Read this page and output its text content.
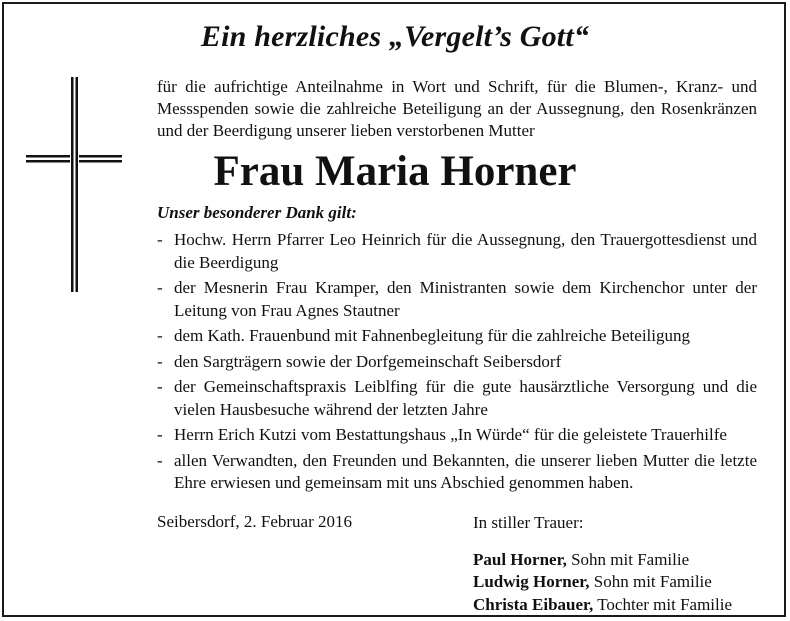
Ein herzliches „Vergelt’s Gott“
für die aufrichtige Anteilnahme in Wort und Schrift, für die Blumen-, Kranz- und Messspenden sowie die zahlreiche Beteiligung an der Aussegnung, den Rosenkränzen und der Beerdigung unserer lieben verstorbenen Mutter
Frau Maria Horner
Unser besonderer Dank gilt:
- Hochw. Herrn Pfarrer Leo Heinrich für die Aussegnung, den Trauergottesdienst und die Beerdigung
- der Mesnerin Frau Kramper, den Ministranten sowie dem Kirchenchor unter der Leitung von Frau Agnes Stautner
- dem Kath. Frauenbund mit Fahnenbegleitung für die zahlreiche Beteiligung
- den Sargträgern sowie der Dorfgemeinschaft Seibersdorf
- der Gemeinschaftspraxis Leiblfing für die gute hausärztliche Versorgung und die vielen Hausbesuche während der letzten Jahre
- Herrn Erich Kutzi vom Bestattungshaus „In Würde“ für die geleistete Trauerhilfe
- allen Verwandten, den Freunden und Bekannten, die unserer lieben Mutter die letzte Ehre erwiesen und gemeinsam mit uns Abschied genommen haben.
Seibersdorf, 2. Februar 2016	In stiller Trauer:
Paul Horner, Sohn mit Familie
Ludwig Horner, Sohn mit Familie
Christa Eibauer, Tochter mit Familie
